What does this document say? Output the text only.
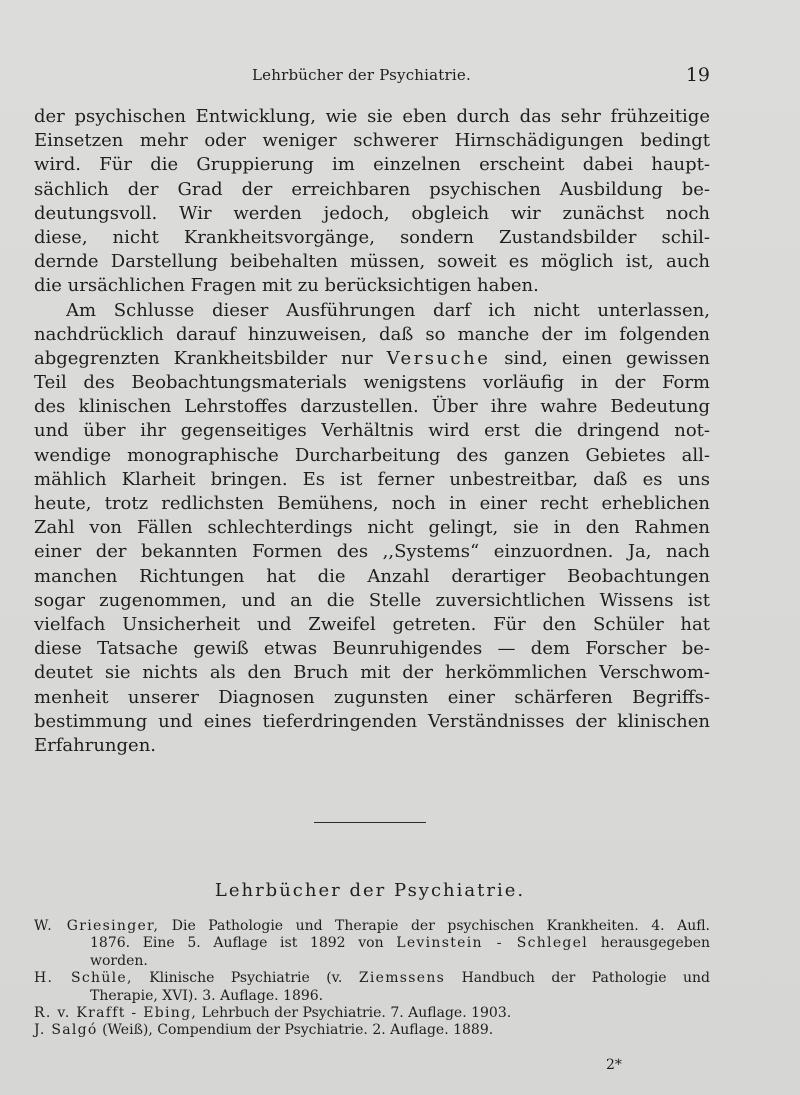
Lehrbücher der Psychiatrie.	19
der psychischen Entwicklung, wie sie eben durch das sehr frühzeitige
Einsetzen mehr oder weniger schwerer Hirnschädigungen bedingt
wird. Für die Gruppierung im einzelnen erscheint dabei haupt-
sächlich der Grad der erreichbaren psychischen Ausbildung be-
deutungsvoll. Wir werden jedoch, obgleich wir zunächst noch
diese, nicht Krankheitsvorgänge, sondern Zustandsbilder schil-
dernde Darstellung beibehalten müssen, soweit es möglich ist, auch
die ursächlichen Fragen mit zu berücksichtigen haben.
Am Schlusse dieser Ausführungen darf ich nicht unterlassen,
nachdrücklich darauf hinzuweisen, daß so manche der im folgenden
abgegrenzten Krankheitsbilder nur Versuche sind, einen gewissen
Teil des Beobachtungsmaterials wenigstens vorläufig in der Form
des klinischen Lehrstoffes darzustellen. Über ihre wahre Bedeutung
und über ihr gegenseitiges Verhältnis wird erst die dringend not-
wendige monographische Durcharbeitung des ganzen Gebietes all-
mählich Klarheit bringen. Es ist ferner unbestreitbar, daß es uns
heute, trotz redlichsten Bemühens, noch in einer recht erheblichen
Zahl von Fällen schlechterdings nicht gelingt, sie in den Rahmen
einer der bekannten Formen des ,,Systems“ einzuordnen. Ja, nach
manchen Richtungen hat die Anzahl derartiger Beobachtungen
sogar zugenommen, und an die Stelle zuversichtlichen Wissens ist
vielfach Unsicherheit und Zweifel getreten. Für den Schüler hat
diese Tatsache gewiß etwas Beunruhigendes — dem Forscher be-
deutet sie nichts als den Bruch mit der herkömmlichen Verschwom-
menheit unserer Diagnosen zugunsten einer schärferen Begriffs-
bestimmung und eines tieferdringenden Verständnisses der klinischen
Erfahrungen.
Lehrbücher der Psychiatrie.
W. Griesinger, Die Pathologie und Therapie der psychischen Krankheiten. 4. Aufl.
1876. Eine 5. Auflage ist 1892 von Levinstein - Schlegel herausgegeben
worden.
H. Schüle, Klinische Psychiatrie (v. Ziemssens Handbuch der Pathologie und
Therapie, XVI). 3. Auflage. 1896.
R. v. Krafft - Ebing, Lehrbuch der Psychiatrie. 7. Auflage. 1903.
J. Salgó (Weiß), Compendium der Psychiatrie. 2. Auflage. 1889.
2*
